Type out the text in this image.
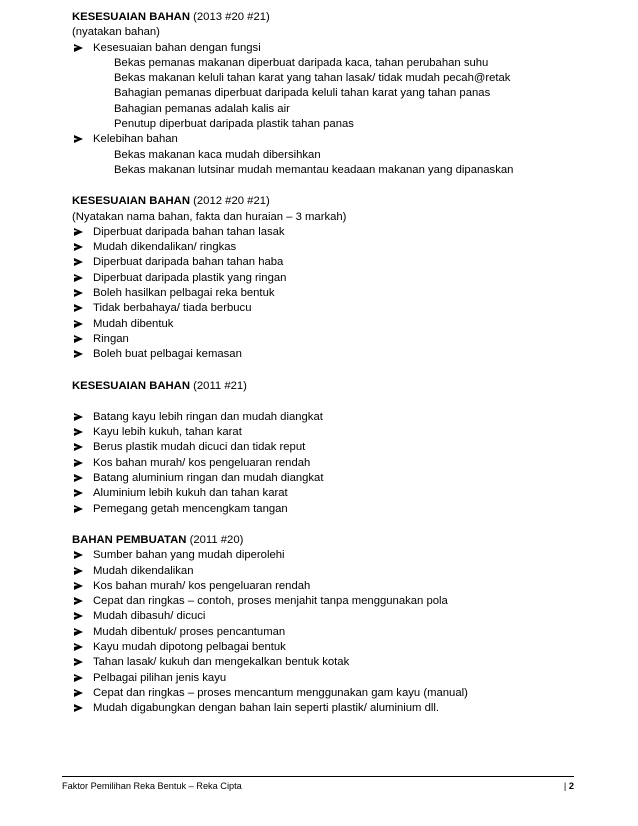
KESESUAIAN BAHAN (2013 #20 #21)
(nyatakan bahan)
Kesesuaian bahan dengan fungsi
Bekas pemanas makanan diperbuat daripada kaca, tahan perubahan suhu
Bekas makanan keluli tahan karat yang tahan lasak/ tidak mudah pecah@retak
Bahagian pemanas diperbuat daripada keluli tahan karat yang tahan panas
Bahagian pemanas adalah kalis air
Penutup diperbuat daripada plastik tahan panas
Kelebihan bahan
Bekas makanan kaca mudah dibersihkan
Bekas makanan lutsinar mudah memantau keadaan makanan yang dipanaskan
KESESUAIAN BAHAN (2012 #20 #21)
(Nyatakan nama bahan, fakta dan huraian – 3 markah)
Diperbuat daripada bahan tahan lasak
Mudah dikendalikan/ ringkas
Diperbuat daripada bahan tahan haba
Diperbuat daripada plastik yang ringan
Boleh hasilkan pelbagai reka bentuk
Tidak berbahaya/ tiada berbucu
Mudah dibentuk
Ringan
Boleh buat pelbagai kemasan
KESESUAIAN BAHAN (2011 #21)
Batang kayu lebih ringan dan mudah diangkat
Kayu lebih kukuh, tahan karat
Berus plastik mudah dicuci dan tidak reput
Kos bahan murah/ kos pengeluaran rendah
Batang aluminium ringan dan mudah diangkat
Aluminium lebih kukuh dan tahan karat
Pemegang getah mencengkam tangan
BAHAN PEMBUATAN (2011 #20)
Sumber bahan yang mudah diperolehi
Mudah dikendalikan
Kos bahan murah/ kos pengeluaran rendah
Cepat dan ringkas – contoh, proses menjahit tanpa menggunakan pola
Mudah dibasuh/ dicuci
Mudah dibentuk/ proses pencantuman
Kayu mudah dipotong pelbagai bentuk
Tahan lasak/ kukuh dan mengekalkan bentuk kotak
Pelbagai pilihan jenis kayu
Cepat dan ringkas – proses mencantum menggunakan gam kayu (manual)
Mudah digabungkan dengan bahan lain seperti plastik/ aluminium dll.
Faktor Pemilihan Reka Bentuk – Reka Cipta	| 2
